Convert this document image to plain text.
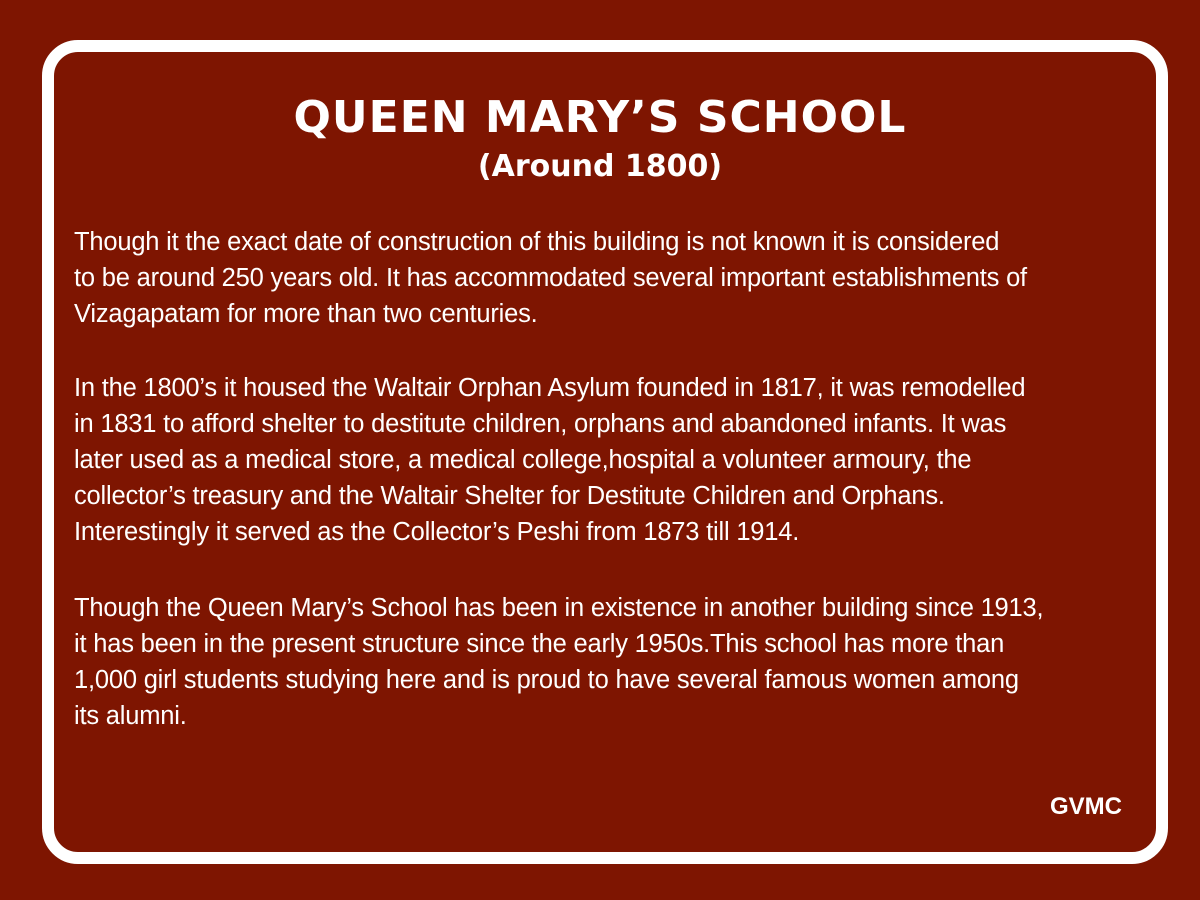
QUEEN MARY’S SCHOOL
(Around 1800)

Though it the exact date of construction of this building is not known it is considered
to be around 250 years old. It has accommodated several important establishments of
Vizagapatam for more than two centuries.

In the 1800’s it housed the Waltair Orphan Asylum founded in 1817, it was remodelled
in 1831 to afford shelter to destitute children, orphans and abandoned infants. It was
later used as a medical store, a medical college,hospital a volunteer armoury, the
collector’s treasury and the Waltair Shelter for Destitute Children and Orphans.
Interestingly it served as the Collector’s Peshi from 1873 till 1914.

Though the Queen Mary’s School has been in existence in another building since 1913,
it has been in the present structure since the early 1950s.This school has more than
1,000 girl students studying here and is proud to have several famous women among
its alumni.

GVMC
